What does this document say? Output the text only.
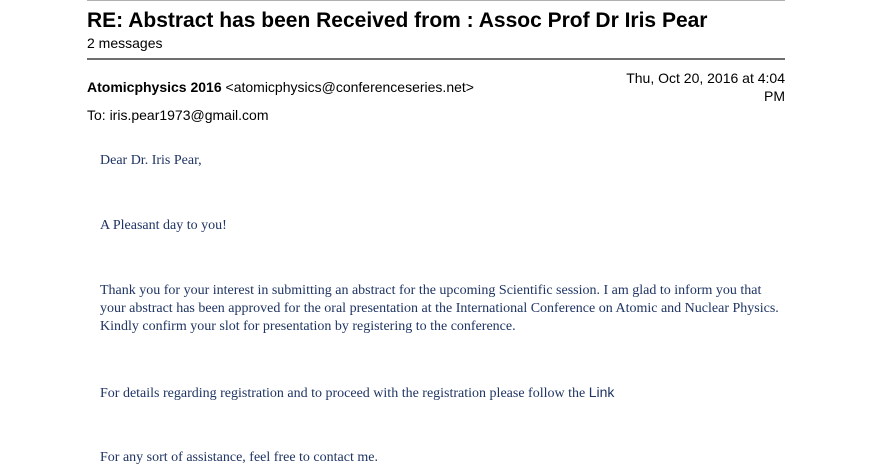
RE: Abstract has been Received from : Assoc Prof Dr Iris Pear
2 messages
Atomicphysics 2016 <atomicphysics@conferenceseries.net>
Thu, Oct 20, 2016 at 4:04 PM
To: iris.pear1973@gmail.com
Dear Dr. Iris Pear,
A Pleasant day to you!
Thank you for your interest in submitting an abstract for the upcoming Scientific session. I am glad to inform you that your abstract has been approved for the oral presentation at the International Conference on Atomic and Nuclear Physics. Kindly confirm your slot for presentation by registering to the conference.
For details regarding registration and to proceed with the registration please follow the Link
For any sort of assistance, feel free to contact me.
